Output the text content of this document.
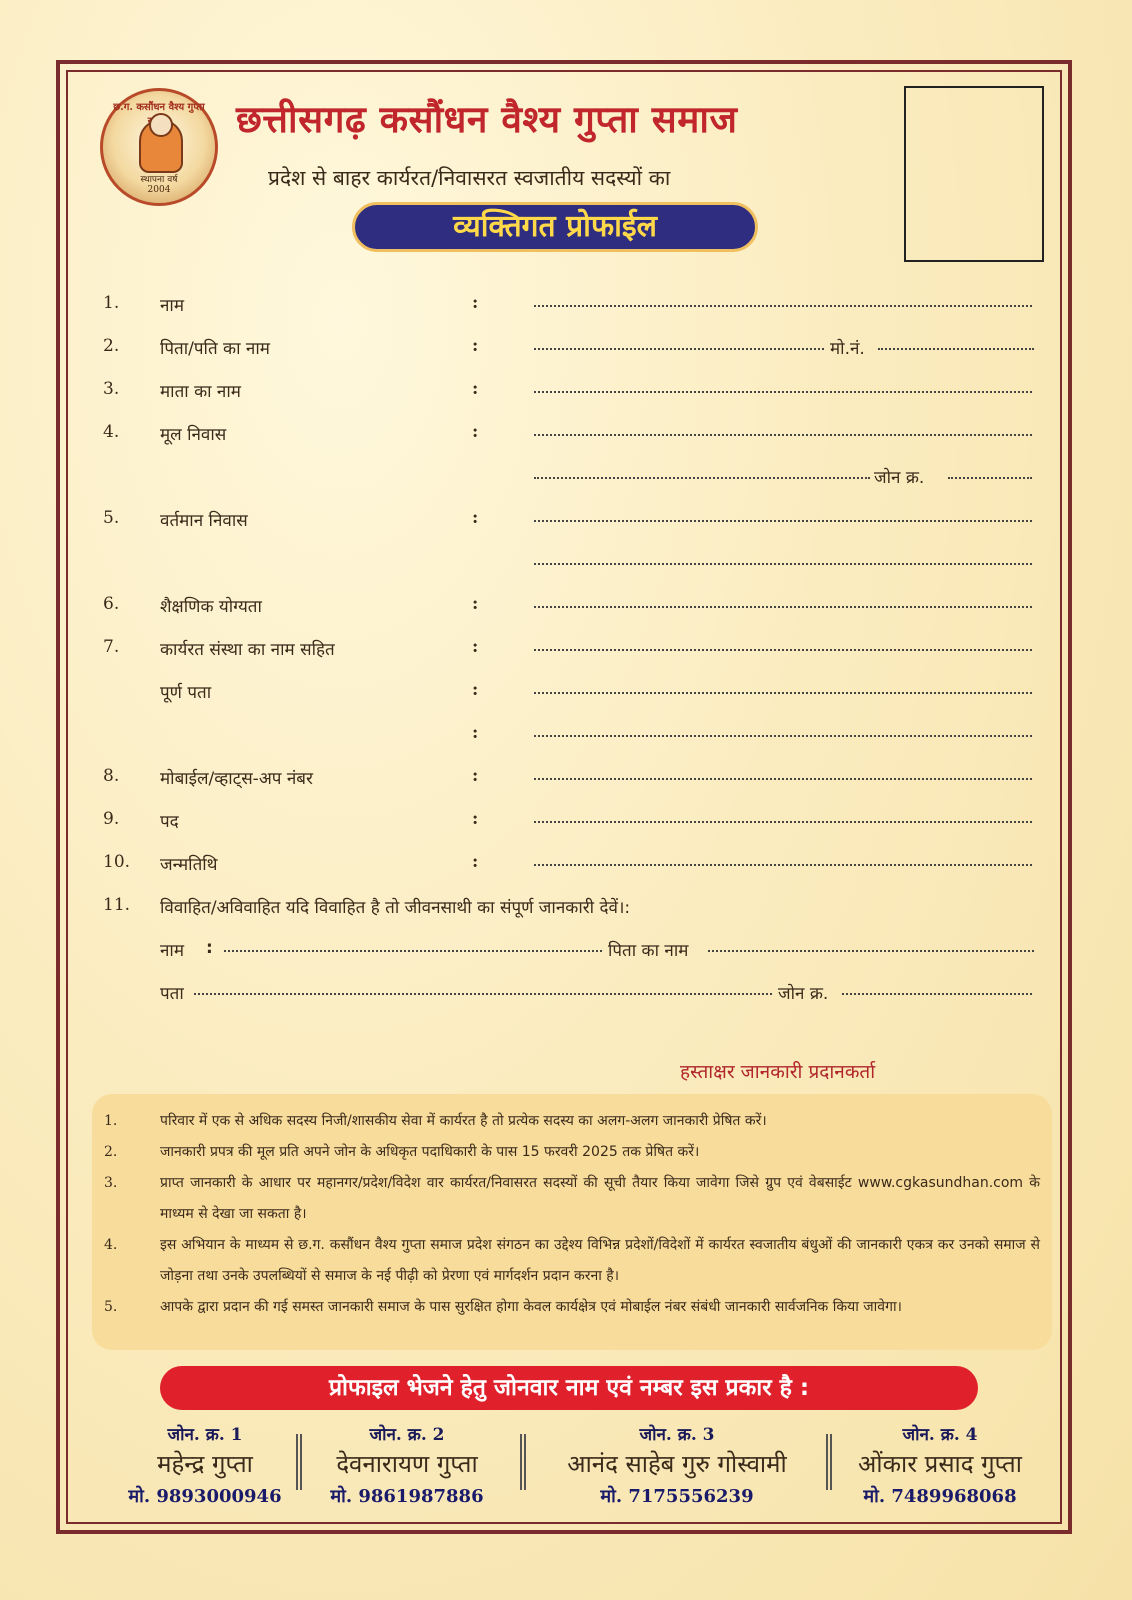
छ.ग. कसौंधन वैश्य गुप्ता
स्थापना वर्ष
2004
छत्तीसगढ़ कसौंधन वैश्य गुप्ता समाज
प्रदेश से बाहर कार्यरत/निवासरत स्वजातीय सदस्यों का
व्यक्तिगत प्रोफाईल
1. नाम	:
2. पिता/पति का नाम	:	मो.नं.
3. माता का नाम	:
4. मूल निवास	:
जोन क्र.
5. वर्तमान निवास	:
6. शैक्षणिक योग्यता	:
7. कार्यरत संस्था का नाम सहित	:
पूर्ण पता	:
:
8. मोबाईल/व्हाट्स-अप नंबर	:
9. पद	:
10. जन्मतिथि	:
11. विवाहित/अविवाहित यदि विवाहित है तो जीवनसाथी का संपूर्ण जानकारी देवें।:
नाम :	पिता का नाम
पता	जोन क्र.
हस्ताक्षर जानकारी प्रदानकर्ता
1.	परिवार में एक से अधिक सदस्य निजी/शासकीय सेवा में कार्यरत है तो प्रत्येक सदस्य का अलग-अलग जानकारी प्रेषित करें।
2.	जानकारी प्रपत्र की मूल प्रति अपने जोन के अधिकृत पदाधिकारी के पास 15 फरवरी 2025 तक प्रेषित करें।
3.	प्राप्त जानकारी के आधार पर महानगर/प्रदेश/विदेश वार कार्यरत/निवासरत सदस्यों की सूची तैयार किया जावेगा जिसे ग्रुप एवं वेबसाईट www.cgkasundhan.com के माध्यम से देखा जा सकता है।
4.	इस अभियान के माध्यम से छ.ग. कसौंधन वैश्य गुप्ता समाज प्रदेश संगठन का उद्देश्य विभिन्न प्रदेशों/विदेशों में कार्यरत स्वजातीय बंधुओं की जानकारी एकत्र कर उनको समाज से जोड़ना तथा उनके उपलब्धियों से समाज के नई पीढ़ी को प्रेरणा एवं मार्गदर्शन प्रदान करना है।
5.	आपके द्वारा प्रदान की गई समस्त जानकारी समाज के पास सुरक्षित होगा केवल कार्यक्षेत्र एवं मोबाईल नंबर संबंधी जानकारी सार्वजनिक किया जावेगा।
प्रोफाइल भेजने हेतु जोनवार नाम एवं नम्बर इस प्रकार है :
जोन. क्र. 1
महेन्द्र गुप्ता
मो. 9893000946
जोन. क्र. 2
देवनारायण गुप्ता
मो. 9861987886
जोन. क्र. 3
आनंद साहेब गुरु गोस्वामी
मो. 7175556239
जोन. क्र. 4
ओंकार प्रसाद गुप्ता
मो. 7489968068
